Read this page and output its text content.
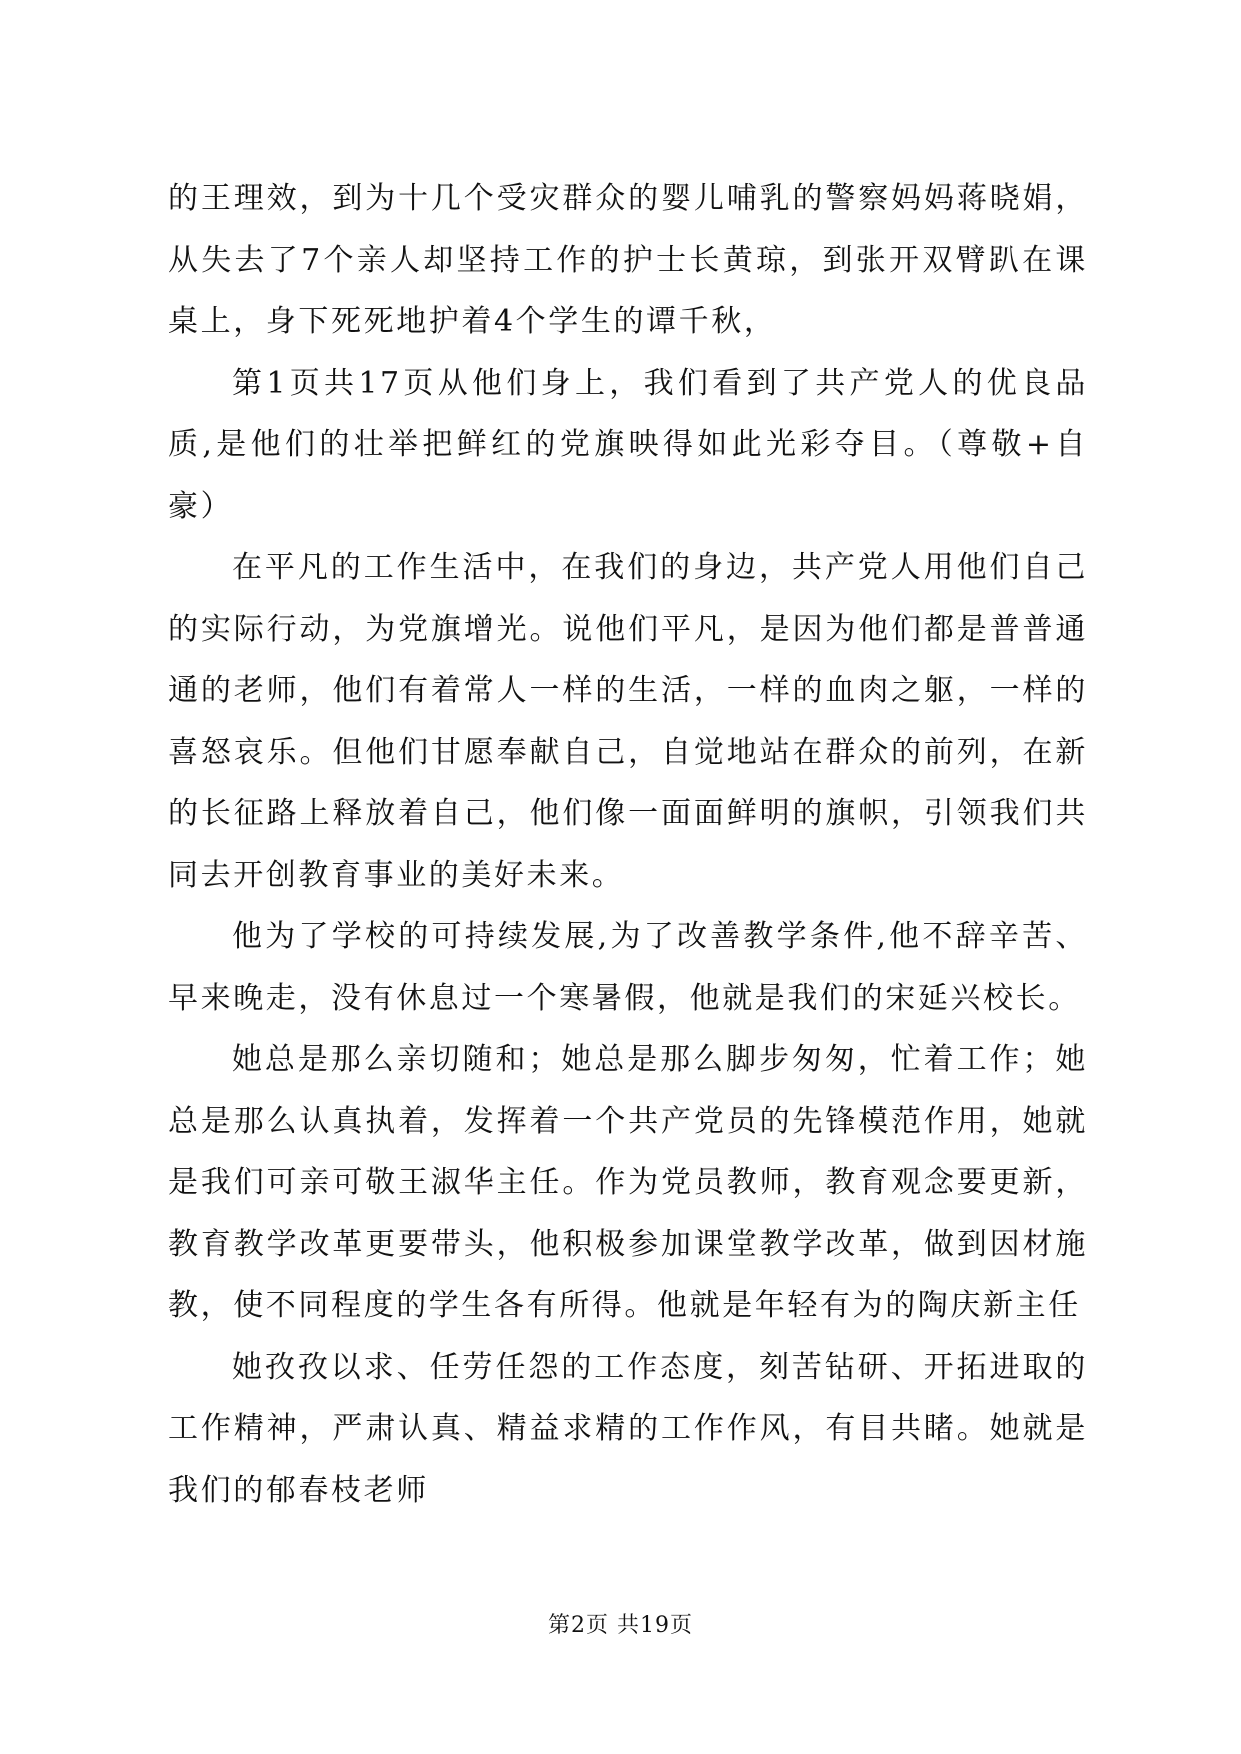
的王理效，到为十几个受灾群众的婴儿哺乳的警察妈妈蒋晓娟，从失去了7个亲人却坚持工作的护士长黄琼，到张开双臂趴在课桌上，身下死死地护着4个学生的谭千秋，

第1页共17页从他们身上，我们看到了共产党人的优良品质,是他们的壮举把鲜红的党旗映得如此光彩夺目。（尊敬+自豪）

在平凡的工作生活中，在我们的身边，共产党人用他们自己的实际行动，为党旗增光。说他们平凡，是因为他们都是普普通通的老师，他们有着常人一样的生活，一样的血肉之躯，一样的喜怒哀乐。但他们甘愿奉献自己，自觉地站在群众的前列，在新的长征路上释放着自己，他们像一面面鲜明的旗帜，引领我们共同去开创教育事业的美好未来。

他为了学校的可持续发展,为了改善教学条件,他不辞辛苦、早来晚走，没有休息过一个寒暑假，他就是我们的宋延兴校长。

她总是那么亲切随和；她总是那么脚步匆匆，忙着工作；她总是那么认真执着，发挥着一个共产党员的先锋模范作用，她就是我们可亲可敬王淑华主任。作为党员教师，教育观念要更新，教育教学改革更要带头，他积极参加课堂教学改革，做到因材施教，使不同程度的学生各有所得。他就是年轻有为的陶庆新主任

她孜孜以求、任劳任怨的工作态度，刻苦钻研、开拓进取的工作精神，严肃认真、精益求精的工作作风，有目共睹。她就是我们的郁春枝老师

第2页 共19页
